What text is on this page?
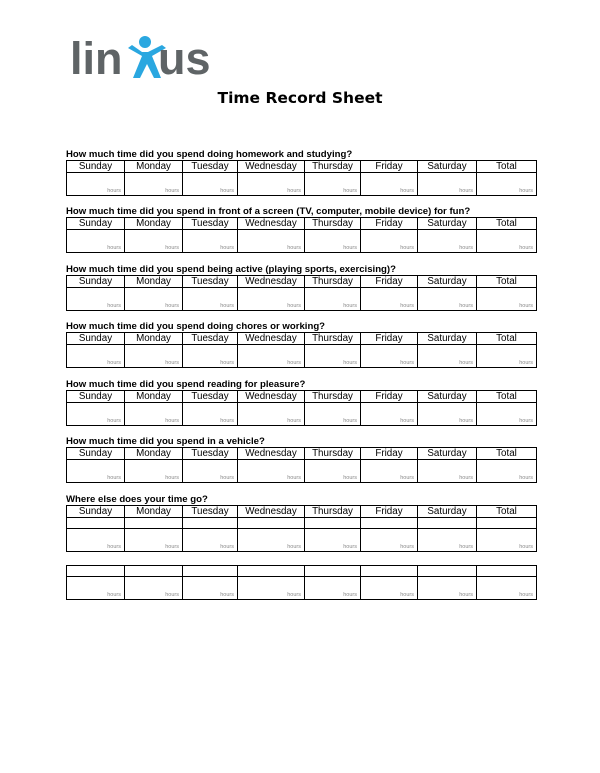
lin us
Time Record Sheet
How much time did you spend doing homework and studying?
Sunday	Monday	Tuesday	Wednesday	Thursday	Friday	Saturday	Total

hours	hours	hours	hours	hours	hours	hours	hours
How much time did you spend in front of a screen (TV, computer, mobile device) for fun?
Sunday	Monday	Tuesday	Wednesday	Thursday	Friday	Saturday	Total

hours	hours	hours	hours	hours	hours	hours	hours
How much time did you spend being active (playing sports, exercising)?
Sunday	Monday	Tuesday	Wednesday	Thursday	Friday	Saturday	Total

hours	hours	hours	hours	hours	hours	hours	hours
How much time did you spend doing chores or working?
Sunday	Monday	Tuesday	Wednesday	Thursday	Friday	Saturday	Total

hours	hours	hours	hours	hours	hours	hours	hours
How much time did you spend reading for pleasure?
Sunday	Monday	Tuesday	Wednesday	Thursday	Friday	Saturday	Total

hours	hours	hours	hours	hours	hours	hours	hours
How much time did you spend in a vehicle?
Sunday	Monday	Tuesday	Wednesday	Thursday	Friday	Saturday	Total

hours	hours	hours	hours	hours	hours	hours	hours
Where else does your time go?
Sunday	Monday	Tuesday	Wednesday	Thursday	Friday	Saturday	Total

hours	hours	hours	hours	hours	hours	hours	hours

hours	hours	hours	hours	hours	hours	hours	hours
